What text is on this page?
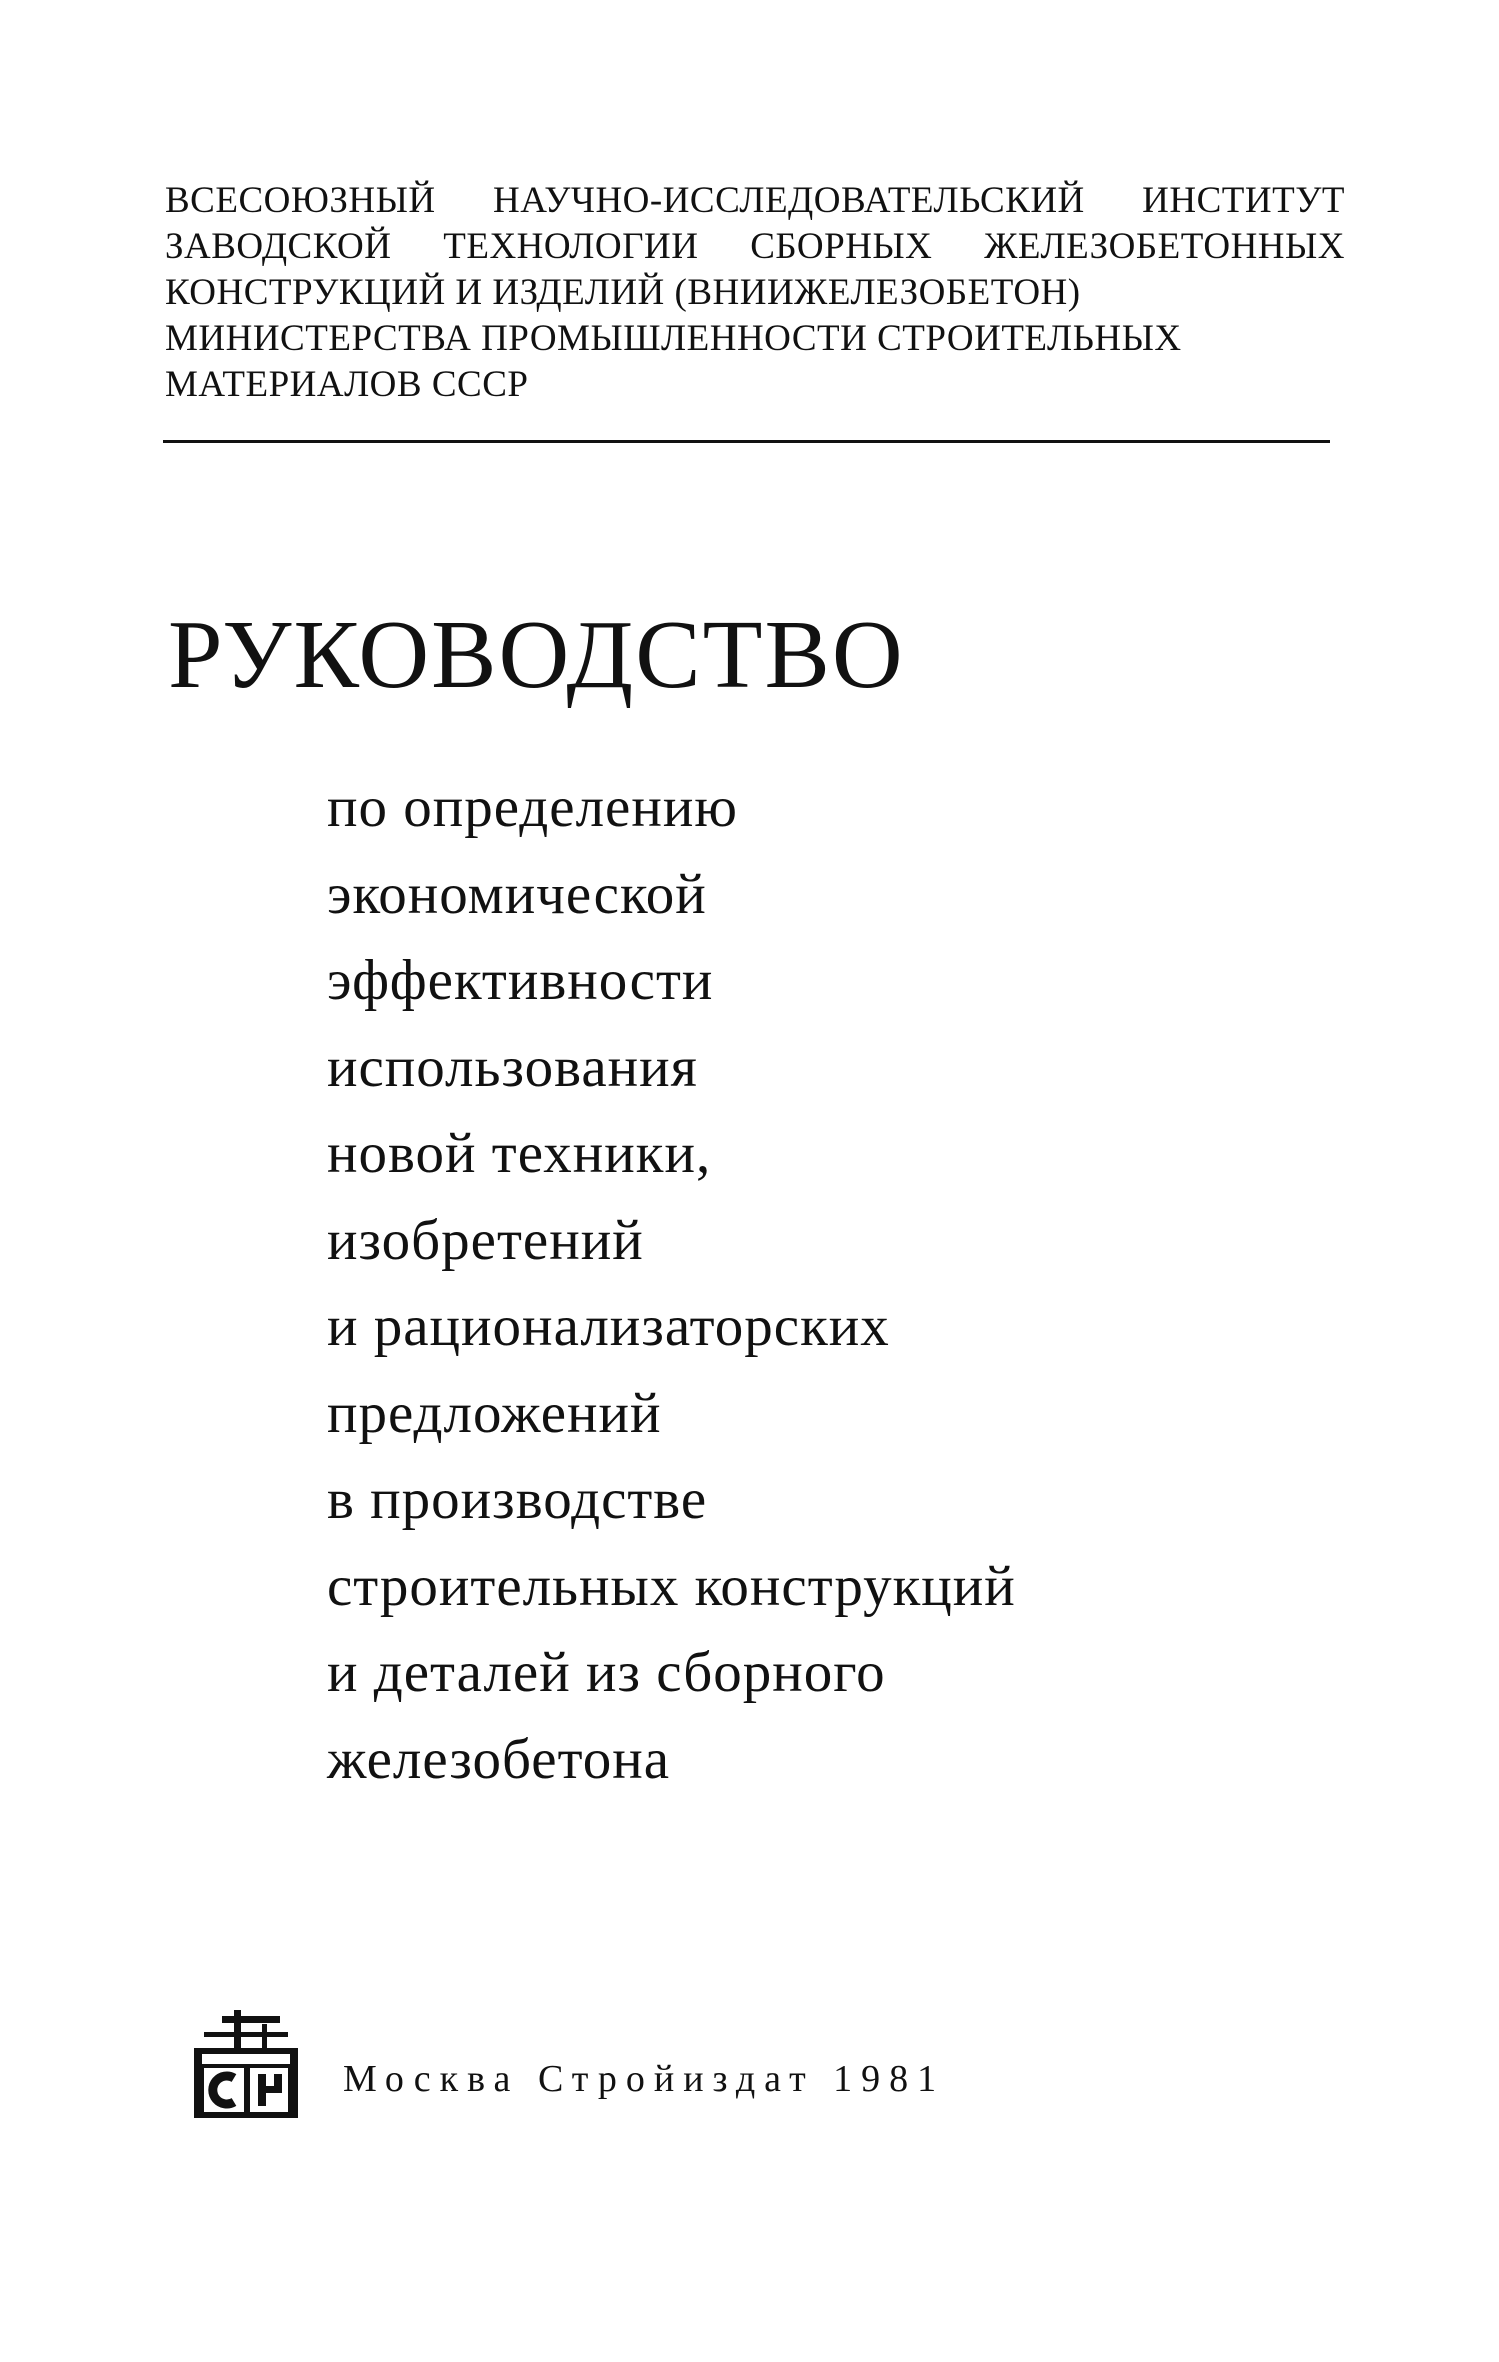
ВСЕСОЮЗНЫЙ НАУЧНО-ИССЛЕДОВАТЕЛЬСКИЙ ИНСТИТУТ
ЗАВОДСКОЙ ТЕХНОЛОГИИ СБОРНЫХ ЖЕЛЕЗОБЕТОННЫХ
КОНСТРУКЦИЙ И ИЗДЕЛИЙ (ВНИИЖЕЛЕЗОБЕТОН)
МИНИСТЕРСТВА ПРОМЫШЛЕННОСТИ СТРОИТЕЛЬНЫХ
МАТЕРИАЛОВ СССР
РУКОВОДСТВО
по определению
экономической
эффективности
использования
новой техники,
изобретений
и рационализаторских
предложений
в производстве
строительных конструкций
и деталей из сборного
железобетона
Москва Стройиздат 1981
